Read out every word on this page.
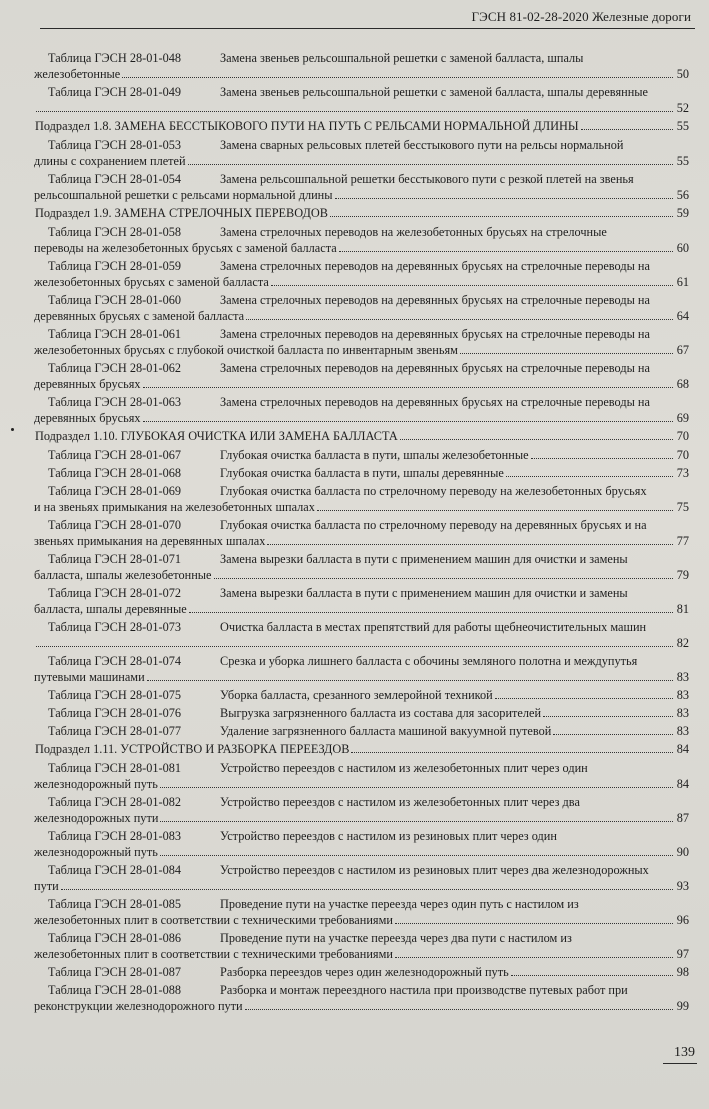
ГЭСН 81-02-28-2020 Железные дороги
Таблица ГЭСН 28-01-048	Замена звеньев рельсошпальной решетки с заменой балласта, шпалы
железобетонные	50
Таблица ГЭСН 28-01-049	Замена звеньев рельсошпальной решетки с заменой балласта, шпалы деревянные
52
Подраздел 1.8. ЗАМЕНА БЕССТЫКОВОГО ПУТИ НА ПУТЬ С РЕЛЬСАМИ НОРМАЛЬНОЙ ДЛИНЫ	55
Таблица ГЭСН 28-01-053	Замена сварных рельсовых плетей бесстыкового пути на рельсы нормальной
длины с сохранением плетей	55
Таблица ГЭСН 28-01-054	Замена рельсошпальной решетки бесстыкового пути с резкой плетей на звенья
рельсошпальной решетки с рельсами нормальной длины	56
Подраздел 1.9. ЗАМЕНА СТРЕЛОЧНЫХ ПЕРЕВОДОВ	59
Таблица ГЭСН 28-01-058	Замена стрелочных переводов на железобетонных брусьях на стрелочные
переводы на железобетонных брусьях с заменой балласта	60
Таблица ГЭСН 28-01-059	Замена стрелочных переводов на деревянных брусьях на стрелочные переводы на
железобетонных брусьях с заменой балласта	61
Таблица ГЭСН 28-01-060	Замена стрелочных переводов на деревянных брусьях на стрелочные переводы на
деревянных брусьях с заменой балласта	64
Таблица ГЭСН 28-01-061	Замена стрелочных переводов на деревянных брусьях на стрелочные переводы на
железобетонных брусьях с глубокой очисткой балласта по инвентарным звеньям	67
Таблица ГЭСН 28-01-062	Замена стрелочных переводов на деревянных брусьях на стрелочные переводы на
деревянных брусьях	68
Таблица ГЭСН 28-01-063	Замена стрелочных переводов на деревянных брусьях на стрелочные переводы на
деревянных брусьях	69
Подраздел 1.10. ГЛУБОКАЯ ОЧИСТКА ИЛИ ЗАМЕНА БАЛЛАСТА	70
Таблица ГЭСН 28-01-067	Глубокая очистка балласта в пути, шпалы железобетонные	70
Таблица ГЭСН 28-01-068	Глубокая очистка балласта в пути, шпалы деревянные	73
Таблица ГЭСН 28-01-069	Глубокая очистка балласта по стрелочному переводу на железобетонных брусьях
и на звеньях примыкания на железобетонных шпалах	75
Таблица ГЭСН 28-01-070	Глубокая очистка балласта по стрелочному переводу на деревянных брусьях и на
звеньях примыкания на деревянных шпалах	77
Таблица ГЭСН 28-01-071	Замена вырезки балласта в пути с применением машин для очистки и замены
балласта, шпалы железобетонные	79
Таблица ГЭСН 28-01-072	Замена вырезки балласта в пути с применением машин для очистки и замены
балласта, шпалы деревянные	81
Таблица ГЭСН 28-01-073	Очистка балласта в местах препятствий для работы щебнеочистительных машин
82
Таблица ГЭСН 28-01-074	Срезка и уборка лишнего балласта с обочины земляного полотна и междупутья
путевыми машинами	83
Таблица ГЭСН 28-01-075	Уборка балласта, срезанного землеройной техникой	83
Таблица ГЭСН 28-01-076	Выгрузка загрязненного балласта из состава для засорителей	83
Таблица ГЭСН 28-01-077	Удаление загрязненного балласта машиной вакуумной путевой	83
Подраздел 1.11. УСТРОЙСТВО И РАЗБОРКА ПЕРЕЕЗДОВ	84
Таблица ГЭСН 28-01-081	Устройство переездов с настилом из железобетонных плит через один
железнодорожный путь	84
Таблица ГЭСН 28-01-082	Устройство переездов с настилом из железобетонных плит через два
железнодорожных пути	87
Таблица ГЭСН 28-01-083	Устройство переездов с настилом из резиновых плит через один
железнодорожный путь	90
Таблица ГЭСН 28-01-084	Устройство переездов с настилом из резиновых плит через два железнодорожных
пути	93
Таблица ГЭСН 28-01-085	Проведение пути на участке переезда через один путь с настилом из
железобетонных плит в соответствии с техническими требованиями	96
Таблица ГЭСН 28-01-086	Проведение пути на участке переезда через два пути с настилом из
железобетонных плит в соответствии с техническими требованиями	97
Таблица ГЭСН 28-01-087	Разборка переездов через один железнодорожный путь	98
Таблица ГЭСН 28-01-088	Разборка и монтаж переездного настила при производстве путевых работ при
реконструкции железнодорожного пути	99
139
